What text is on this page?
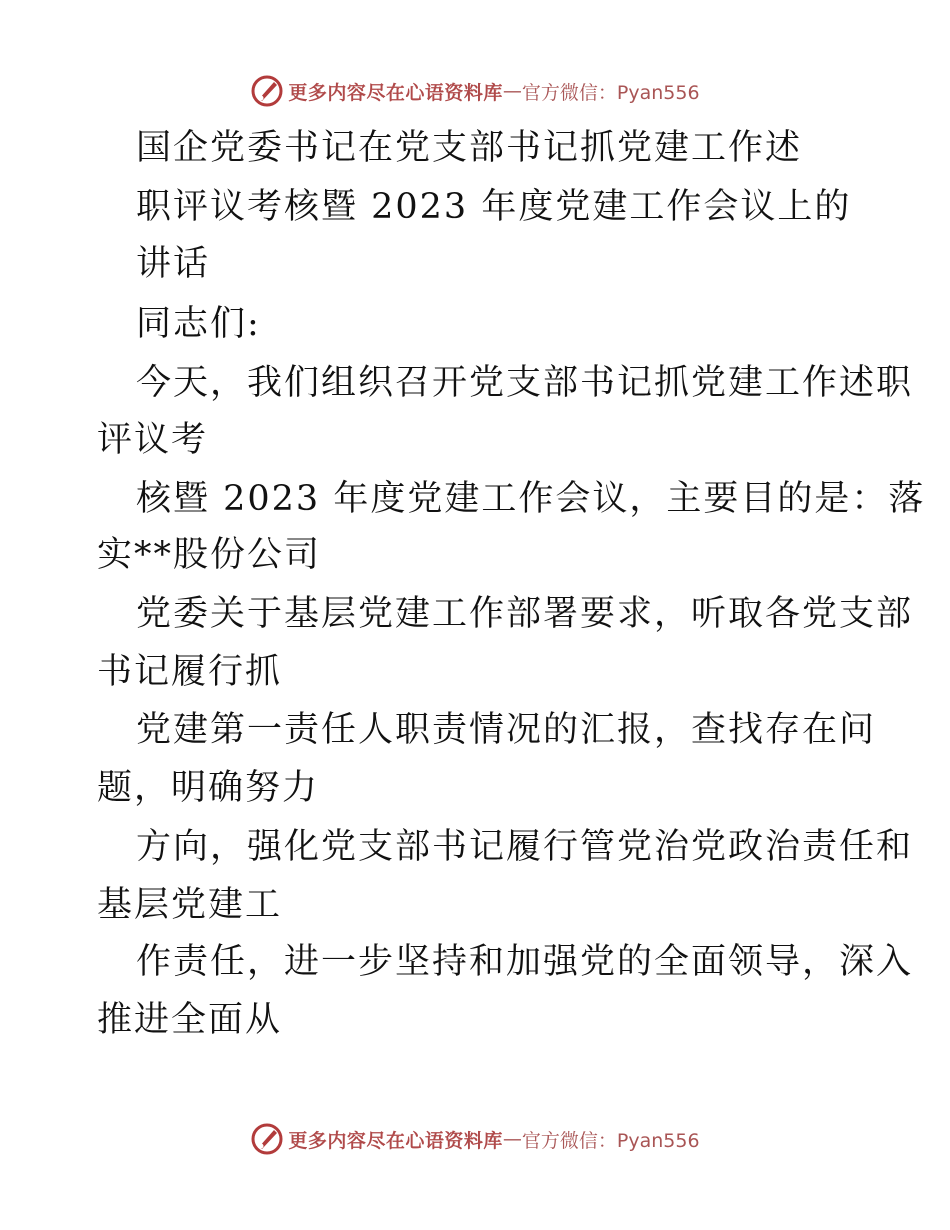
更多内容尽在心语资料库 — 官方微信：Pyan556
国企党委书记在党支部书记抓党建工作述
职评议考核暨 2023 年度党建工作会议上的
讲话
同志们:
今天，我们组织召开党支部书记抓党建工作述职
评议考
核暨 2023 年度党建工作会议，主要目的是：落
实**股份公司
党委关于基层党建工作部署要求，听取各党支部
书记履行抓
党建第一责任人职责情况的汇报，查找存在问
题，明确努力
方向，强化党支部书记履行管党治党政治责任和
基层党建工
作责任，进一步坚持和加强党的全面领导，深入
推进全面从
更多内容尽在心语资料库 — 官方微信：Pyan556
